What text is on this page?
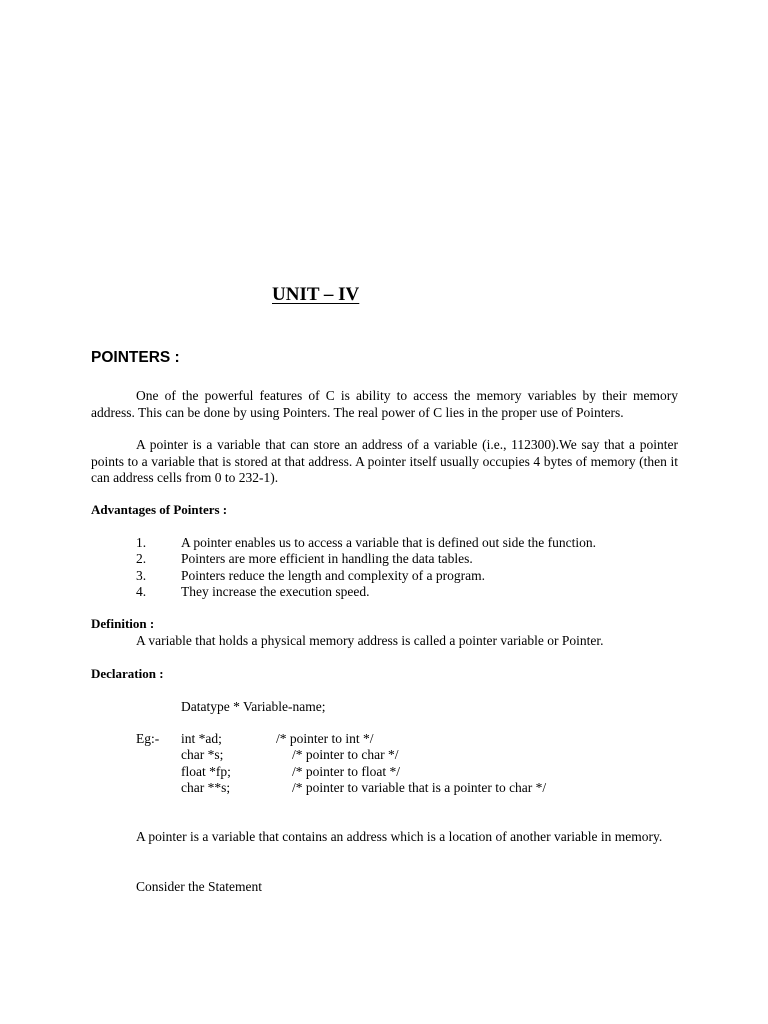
UNIT – IV
POINTERS :
One of the powerful features of C is ability to access the memory variables by their memory address. This can be done by using Pointers. The real power of C lies in the proper use of Pointers.
A pointer is a variable that can store an address of a variable (i.e., 112300).We say that a pointer points to a variable that is stored at that address. A pointer itself usually occupies 4 bytes of memory (then it can address cells from 0 to 232-1).
Advantages of Pointers :
1.	A pointer enables us to access a variable that is defined out side the function.
2.	Pointers are more efficient in handling the data tables.
3.	Pointers reduce the length and complexity of a program.
4.	They increase the execution speed.
Definition :
A variable that holds a physical memory address is called a pointer variable or Pointer.
Declaration :
Datatype * Variable-name;
Eg:- int *ad;	/* pointer to int */
char *s;	/* pointer to char */
float *fp;	/* pointer to float */
char **s;	/* pointer to variable that is a pointer to char */
A pointer is a variable that contains an address which is a location of another variable in memory.
Consider the Statement
